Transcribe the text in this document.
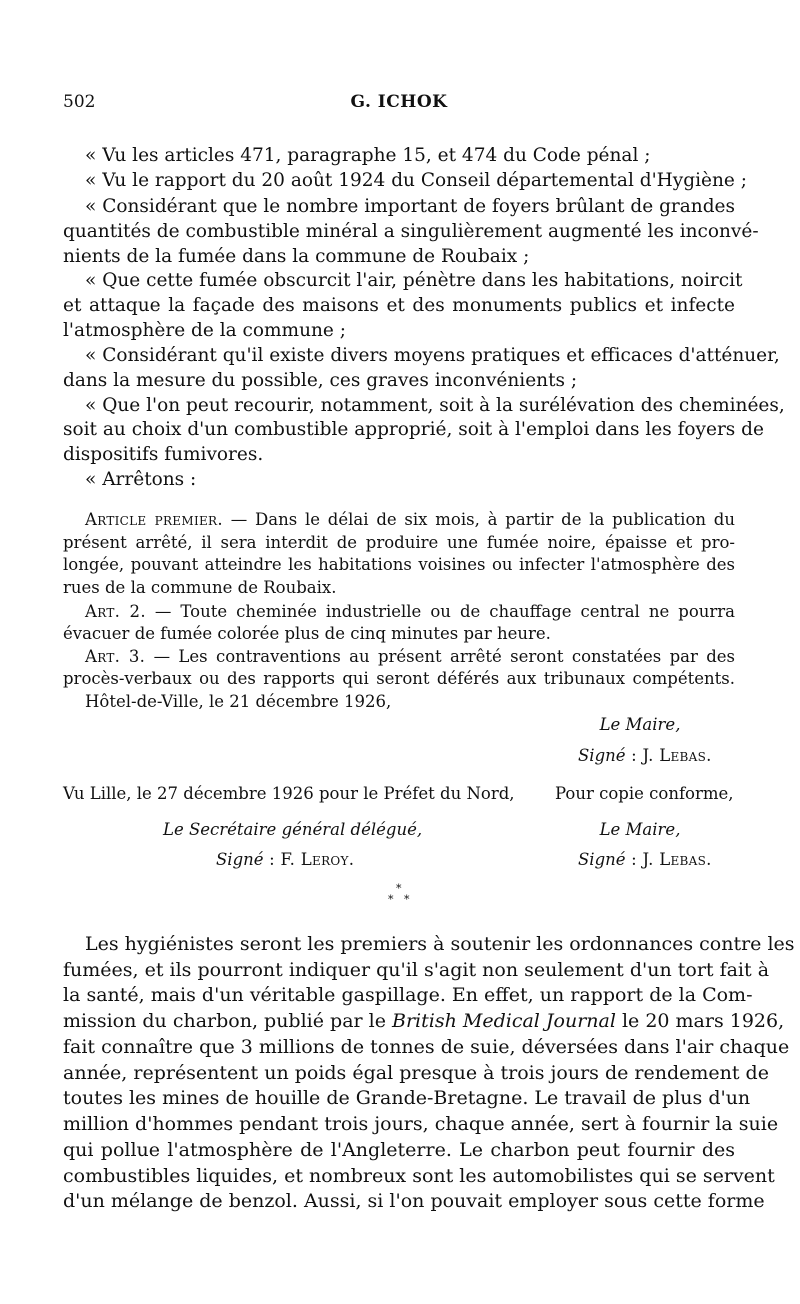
502	G. ICHOK
« Vu les articles 471, paragraphe 15, et 474 du Code pénal ;
« Vu le rapport du 20 août 1924 du Conseil départemental d'Hygiène ;
« Considérant que le nombre important de foyers brûlant de grandes
quantités de combustible minéral a singulièrement augmenté les inconvé-
nients de la fumée dans la commune de Roubaix ;
« Que cette fumée obscurcit l'air, pénètre dans les habitations, noircit
et attaque la façade des maisons et des monuments publics et infecte
l'atmosphère de la commune ;
« Considérant qu'il existe divers moyens pratiques et efficaces d'atténuer,
dans la mesure du possible, ces graves inconvénients ;
« Que l'on peut recourir, notamment, soit à la surélévation des cheminées,
soit au choix d'un combustible approprié, soit à l'emploi dans les foyers de
dispositifs fumivores.
« Arrêtons :
Article premier. — Dans le délai de six mois, à partir de la publication du
présent arrêté, il sera interdit de produire une fumée noire, épaisse et pro-
longée, pouvant atteindre les habitations voisines ou infecter l'atmosphère des
rues de la commune de Roubaix.
Art. 2. — Toute cheminée industrielle ou de chauffage central ne pourra
évacuer de fumée colorée plus de cinq minutes par heure.
Art. 3. — Les contraventions au présent arrêté seront constatées par des
procès-verbaux ou des rapports qui seront déférés aux tribunaux compétents.
Hôtel-de-Ville, le 21 décembre 1926,
Le Maire,
Signé : J. Lebas.
Vu Lille, le 27 décembre 1926 pour le Préfet du Nord, Pour copie conforme,
Le Secrétaire général délégué,	Le Maire,
Signé : F. Leroy.	Signé : J. Lebas.
*
* *
Les hygiénistes seront les premiers à soutenir les ordonnances contre les
fumées, et ils pourront indiquer qu'il s'agit non seulement d'un tort fait à
la santé, mais d'un véritable gaspillage. En effet, un rapport de la Com-
mission du charbon, publié par le British Medical Journal le 20 mars 1926,
fait connaître que 3 millions de tonnes de suie, déversées dans l'air chaque
année, représentent un poids égal presque à trois jours de rendement de
toutes les mines de houille de Grande-Bretagne. Le travail de plus d'un
million d'hommes pendant trois jours, chaque année, sert à fournir la suie
qui pollue l'atmosphère de l'Angleterre. Le charbon peut fournir des
combustibles liquides, et nombreux sont les automobilistes qui se servent
d'un mélange de benzol. Aussi, si l'on pouvait employer sous cette forme
